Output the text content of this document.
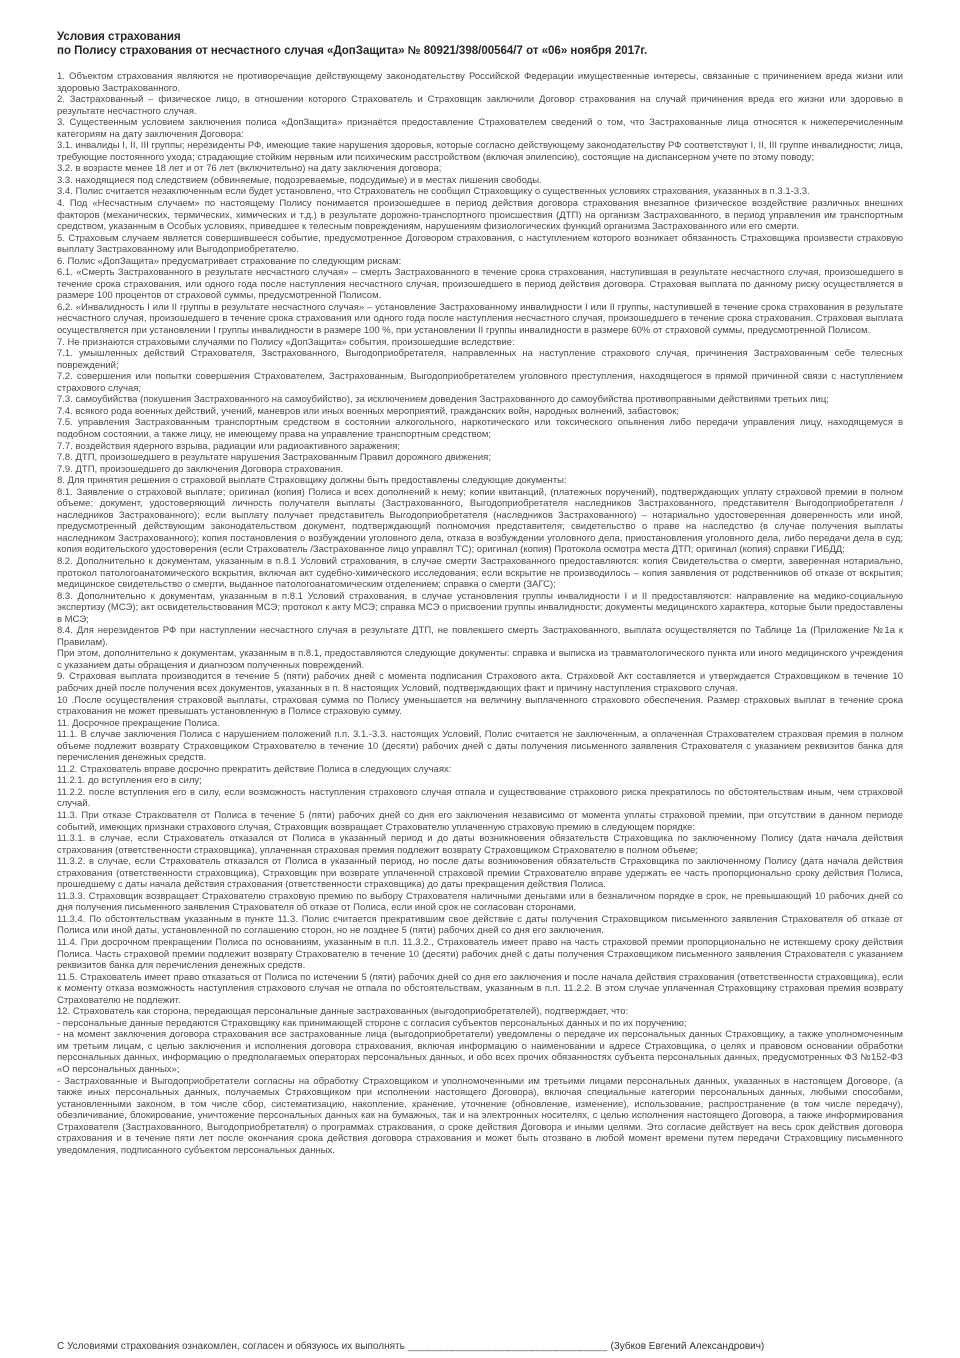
Условия страхования
по Полису страхования от несчастного случая «ДопЗащита» № 80921/398/00564/7 от «06» ноября 2017г.

1. Объектом страхования являются не противоречащие действующему законодательству Российской Федерации имущественные интересы, связанные с причинением вреда жизни или здоровью Застрахованного.

2. Застрахованный – физическое лицо, в отношении которого Страхователь и Страховщик заключили Договор страхования на случай причинения вреда его жизни или здоровью в результате несчастного случая.

3. Существенным условием заключения полиса «ДопЗащита» признаётся предоставление Страхователем сведений о том, что Застрахованные лица относятся к нижеперечисленным категориям на дату заключения Договора:

3.1. инвалиды I, II, III группы; нерезиденты РФ, имеющие такие нарушения здоровья, которые согласно действующему законодательству РФ соответствуют I, II, III группе инвалидности; лица, требующие постоянного ухода; страдающие стойким нервным или психическим расстройством (включая эпилепсию), состоящие на диспансерном учете по этому поводу;

3.2. в возрасте менее 18 лет и от 76 лет (включительно) на дату заключения договора;

3.3. находящиеся под следствием (обвиняемые, подозреваемые, подсудимые) и в местах лишения свободы.

3.4. Полис считается незаключенным если будет установлено, что Страхователь не сообщил Страховщику о существенных условиях страхования, указанных в п.3.1-3.3.

4. Под «Несчастным случаем» по настоящему Полису понимается произошедшее в период действия договора страхования внезапное физическое воздействие различных внешних факторов (механических, термических, химических и т.д.) в результате дорожно-транспортного происшествия (ДТП) на организм Застрахованного, в период управления им транспортным средством, указанным в Особых условиях, приведшее к телесным повреждениям, нарушениям физиологических функций организма Застрахованного или его смерти.

5. Страховым случаем является совершившееся событие, предусмотренное Договором страхования, с наступлением которого возникает обязанность Страховщика произвести страховую выплату Застрахованному или Выгодоприобретателю.

6. Полис «ДопЗащита» предусматривает страхование по следующим рискам:

6.1. «Смерть Застрахованного в результате несчастного случая» – смерть Застрахованного в течение срока страхования, наступившая в результате несчастного случая, произошедшего в течение срока страхования, или одного года после наступления несчастного случая, произошедшего в период действия договора. Страховая выплата по данному риску осуществляется в размере 100 процентов от страховой суммы, предусмотренной Полисом.

6.2. «Инвалидность I или II группы в результате несчастного случая» – установление Застрахованному инвалидности I или II группы, наступившей в течение срока страхования в результате несчастного случая, произошедшего в течение срока страхования или одного года после наступления несчастного случая, произошедшего в течение срока страхования. Страховая выплата осуществляется при установлении I группы инвалидности в размере 100 %, при установлении II группы инвалидности в размере 60% от страховой суммы, предусмотренной Полисом.

7. Не признаются страховыми случаями по Полису «ДопЗащита» события, произошедшие вследствие:

7.1. умышленных действий Страхователя, Застрахованного, Выгодоприобретателя, направленных на наступление страхового случая, причинения Застрахованным себе телесных повреждений;

7.2. совершения или попытки совершения Страхователем, Застрахованным, Выгодоприобретателем уголовного преступления, находящегося в прямой причинной связи с наступлением страхового случая;

7.3. самоубийства (покушения Застрахованного на самоубийство), за исключением доведения Застрахованного до самоубийства противоправными действиями третьих лиц;

7.4. всякого рода военных действий, учений, маневров или иных военных мероприятий, гражданских войн, народных волнений, забастовок;

7.5. управления Застрахованным транспортным средством в состоянии алкогольного, наркотического или токсического опьянения либо передачи управления лицу, находящемуся в подобном состоянии, а также лицу, не имеющему права на управление транспортным средством;

7.7. воздействия ядерного взрыва, радиации или радиоактивного заражения;

7.8. ДТП, произошедшего в результате нарушения Застрахованным Правил дорожного движения;

7.9. ДТП, произошедшего до заключения Договора страхования.

8. Для принятия решения о страховой выплате Страховщику должны быть предоставлены следующие документы:

8.1. Заявление о страховой выплате; оригинал (копия) Полиса и всех дополнений к нему; копии квитанций, (платежных поручений), подтверждающих уплату страховой премии в полном объеме; документ, удостоверяющий личность получателя выплаты (Застрахованного, Выгодоприобретателя наследников Застрахованного, представителя Выгодоприобретателя / наследников Застрахованного); если выплату получает представитель Выгодоприобретателя (наследников Застрахованного) – нотариально удостоверенная доверенность или иной, предусмотренный действующим законодательством документ, подтверждающий полномочия представителя; свидетельство о праве на наследство (в случае получения выплаты наследником Застрахованного); копия постановления о возбуждении уголовного дела, отказа в возбуждении уголовного дела, приостановления уголовного дела, либо передачи дела в суд; копия водительского удостоверения (если Страхователь /Застрахованное лицо управлял ТС); оригинал (копия) Протокола осмотра места ДТП; оригинал (копия) справки ГИБДД;

8.2. Дополнительно к документам, указанным в п.8.1 Условий страхования, в случае смерти Застрахованного предоставляются: копия Свидетельства о смерти, заверенная нотариально, протокол патологоанатомического вскрытия, включая акт судебно-химического исследования; если вскрытие не производилось – копия заявления от родственников об отказе от вскрытия; медицинское свидетельство о смерти, выданное патологоанатомическим отделением; справка о смерти (ЗАГС);

8.3. Дополнительно к документам, указанным в п.8.1 Условий страхования, в случае установления группы инвалидности I и II предоставляются: направление на медико-социальную экспертизу (МСЭ); акт освидетельствования МСЭ; протокол к акту МСЭ; справка МСЭ о присвоении группы инвалидности; документы медицинского характера, которые были предоставлены в МСЭ;

8.4. Для нерезидентов РФ при наступлении несчастного случая в результате ДТП, не повлекшего смерть Застрахованного, выплата осуществляется по Таблице 1а (Приложение №1а к Правилам).

При этом, дополнительно к документам, указанным в п.8.1, предоставляются следующие документы: справка и выписка из травматологического пункта или иного медицинского учреждения с указанием даты обращения и диагнозом полученных повреждений.

9. Страховая выплата производится в течение 5 (пяти) рабочих дней с момента подписания Страхового акта. Страховой Акт составляется и утверждается Страховщиком в течение 10 рабочих дней после получения всех документов, указанных в п. 8 настоящих Условий, подтверждающих факт и причину наступления страхового случая.

10 .После осуществления страховой выплаты, страховая сумма по Полису уменьшается на величину выплаченного страхового обеспечения. Размер страховых выплат в течение срока страхования не может превышать установленную в Полисе страховую сумму.

11. Досрочное прекращение Полиса.

11.1. В случае заключения Полиса с нарушением положений п.п. 3.1.-3.3. настоящих Условий, Полис считается не заключенным, а оплаченная Страхователем страховая премия в полном объеме подлежит возврату Страховщиком Страхователю в течение 10 (десяти) рабочих дней с даты получения письменного заявления Страхователя с указанием реквизитов банка для перечисления денежных средств.

11.2. Страхователь вправе досрочно прекратить действие Полиса в следующих случаях:

11.2.1. до вступления его в силу;

11.2.2. после вступления его в силу, если возможность наступления страхового случая отпала и существование страхового риска прекратилось по обстоятельствам иным, чем страховой случай.

11.3. При отказе Страхователя от Полиса в течение 5 (пяти) рабочих дней со дня его заключения независимо от момента уплаты страховой премии, при отсутствии в данном периоде событий, имеющих признаки страхового случая, Страховщик возвращает Страхователю уплаченную страховую премию в следующем порядке:

11.3.1. в случае, если Страхователь отказался от Полиса в указанный период и до даты возникновения обязательств Страховщика по заключенному Полису (дата начала действия страхования (ответственности страховщика), уплаченная страховая премия подлежит возврату Страховщиком Страхователю в полном объеме;

11.3.2. в случае, если Страхователь отказался от Полиса в указанный период, но после даты возникновения обязательств Страховщика по заключенному Полису (дата начала действия страхования (ответственности страховщика), Страховщик при возврате уплаченной страховой премии Страхователю вправе удержать ее часть пропорционально сроку действия Полиса, прошедшему с даты начала действия страхования (ответственности страховщика) до даты прекращения действия Полиса.

11.3.3. Страховщик возвращает Страхователю страховую премию по выбору Страхователя наличными деньгами или в безналичном порядке в срок, не превышающий 10 рабочих дней со дня получения письменного заявления Страхователя об отказе от Полиса, если иной срок не согласован сторонами.

11.3.4. По обстоятельствам указанным в пункте 11.3. Полис считается прекратившим свое действие с даты получения Страховщиком письменного заявления Страхователя об отказе от Полиса или иной даты, установленной по соглашению сторон, но не позднее 5 (пяти) рабочих дней со дня его заключения.

11.4. При досрочном прекращении Полиса по основаниям, указанным в п.п. 11.3.2., Страхователь имеет право на часть страховой премии пропорционально не истекшему сроку действия Полиса. Часть страховой премии подлежит возврату Страхователю в течение 10 (десяти) рабочих дней с даты получения Страховщиком письменного заявления Страхователя с указанием реквизитов банка для перечисления денежных средств.

11.5. Страхователь имеет право отказаться от Полиса по истечении 5 (пяти) рабочих дней со дня его заключения и после начала действия страхования (ответственности страховщика), если к моменту отказа возможность наступления страхового случая не отпала по обстоятельствам, указанным в п.п. 11.2.2. В этом случае уплаченная Страховщику страховая премия возврату Страхователю не подлежит.

12. Страхователь как сторона, передающая персональные данные застрахованных (выгодоприобретателей), подтверждает, что:

- персональные данные передаются Страховщику как принимающей стороне с согласия субъектов персональных данных и по их поручению;

- на момент заключения договора страхования все застрахованные лица (выгодоприобретатели) уведомлены о передаче их персональных данных Страховщику, а также уполномоченным им третьим лицам, с целью заключения и исполнения договора страхования, включая информацию о наименовании и адресе Страховщика, о целях и правовом основании обработки персональных данных, информацию о предполагаемых операторах персональных данных, и обо всех прочих обязанностях субъекта персональных данных, предусмотренных ФЗ №152-ФЗ «О персональных данных»;

- Застрахованные и Выгодоприобретатели согласны на обработку Страховщиком и уполномоченными им третьими лицами персональных данных, указанных в настоящем Договоре, (а также иных персональных данных, получаемых Страховщиком при исполнении настоящего Договора), включая специальные категории персональных данных, любыми способами, установленными законом, в том числе сбор, систематизацию, накопление, хранение, уточнение (обновление, изменение), использование, распространение (в том числе передачу), обезличивание, блокирование, уничтожение персональных данных как на бумажных, так и на электронных носителях, с целью исполнения настоящего Договора, а также информирования Страхователя (Застрахованного, Выгодоприобретателя) о программах страхования, о сроке действия Договора и иными целями. Это согласие действует на весь срок действия договора страхования и в течение пяти лет после окончания срока действия договора страхования и может быть отозвано в любой момент времени путем передачи Страховщику письменного уведомления, подписанного субъектом персональных данных.

С Условиями страхования ознакомлен, согласен и обязуюсь их выполнять _________________________________ (Зубков Евгений Александрович)
